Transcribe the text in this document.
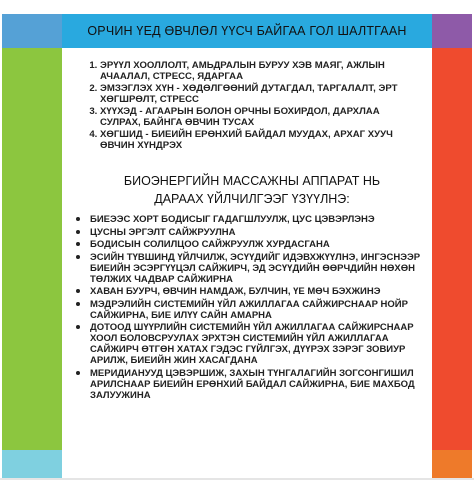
ОРЧИН ҮЕД ӨВЧЛӨЛ ҮҮСЧ БАЙГАА ГОЛ ШАЛТГААН
1. ЭРҮҮЛ ХООЛЛОЛТ, АМЬДРАЛЫН БУРУУ ХЭВ МАЯГ, АЖЛЫН АЧААЛАЛ, СТРЕСС, ЯДАРГАА
2. ЭМЗЭГЛЭХ ХҮН - ХӨДӨЛГӨӨНИЙ ДУТАГДАЛ, ТАРГАЛАЛТ, ЭРТ ХӨГШРӨЛТ, СТРЕСС
3. ХҮҮХЭД - АГААРЫН БОЛОН ОРЧНЫ БОХИРДОЛ, ДАРХЛАА СУЛРАХ, БАЙНГА ӨВЧИН ТУСАХ
4. ХӨГШИД - БИЕИЙН ЕРӨНХИЙ БАЙДАЛ МУУДАХ, АРХАГ ХУУЧ ӨВЧИН ХҮНДРЭХ
БИОЭНЕРГИЙН МАССАЖНЫ АППАРАТ НЬ
ДАРААХ ҮЙЛЧИЛГЭЭГ ҮЗҮҮЛНЭ:
БИЕЭЭС ХОРТ БОДИСЫГ ГАДАГШЛУУЛЖ, ЦУС ЦЭВЭРЛЭНЭ
ЦУСНЫ ЭРГЭЛТ САЙЖРУУЛНА
БОДИСЫН СОЛИЛЦОО САЙЖРУУЛЖ ХУРДАСГАНА
ЭСИЙН ТҮВШИНД ҮЙЛЧИЛЖ, ЭСҮҮДИЙГ ИДЭВХЖҮҮЛНЭ, ИНГЭСНЭЭР БИЕИЙН ЭСЭРГҮҮЦЭЛ САЙЖИРЧ, ЭД ЭСҮҮДИЙН ӨӨРЧДИЙН НӨХӨН ТӨЛЖИХ ЧАДВАР САЙЖИРНА
ХАВАН БУУРЧ, ӨВЧИН НАМДАЖ, БУЛЧИН, ҮЕ МӨЧ БЭХЖИНЭ
МЭДРЭЛИЙН СИСТЕМИЙН ҮЙЛ АЖИЛЛАГАА САЙЖИРСНААР НОЙР САЙЖИРНА, БИЕ ИЛҮҮ САЙН АМАРНА
ДОТООД ШҮҮРЛИЙН СИСТЕМИЙН ҮЙЛ АЖИЛЛАГАА САЙЖИРСНААР ХООЛ БОЛОВСРУУЛАХ ЭРХТЭН СИСТЕМИЙН ҮЙЛ АЖИЛЛАГАА САЙЖИРЧ ӨТГӨН ХАТАХ ГЭДЭС ГҮЙЛГЭХ, ДҮҮРЭХ ЗЭРЭГ ЗОВИУР АРИЛЖ, БИЕИЙН ЖИН ХАСАГДАНА
МЕРИДИАНУУД ЦЭВЭРШИЖ, ЗАХЫН ТҮНГАЛАГИЙН ЗОГСОНГИШИЛ АРИЛСНААР БИЕИЙН ЕРӨНХИЙ БАЙДАЛ САЙЖИРНА, БИЕ МАХБОД ЗАЛУУЖИНА
